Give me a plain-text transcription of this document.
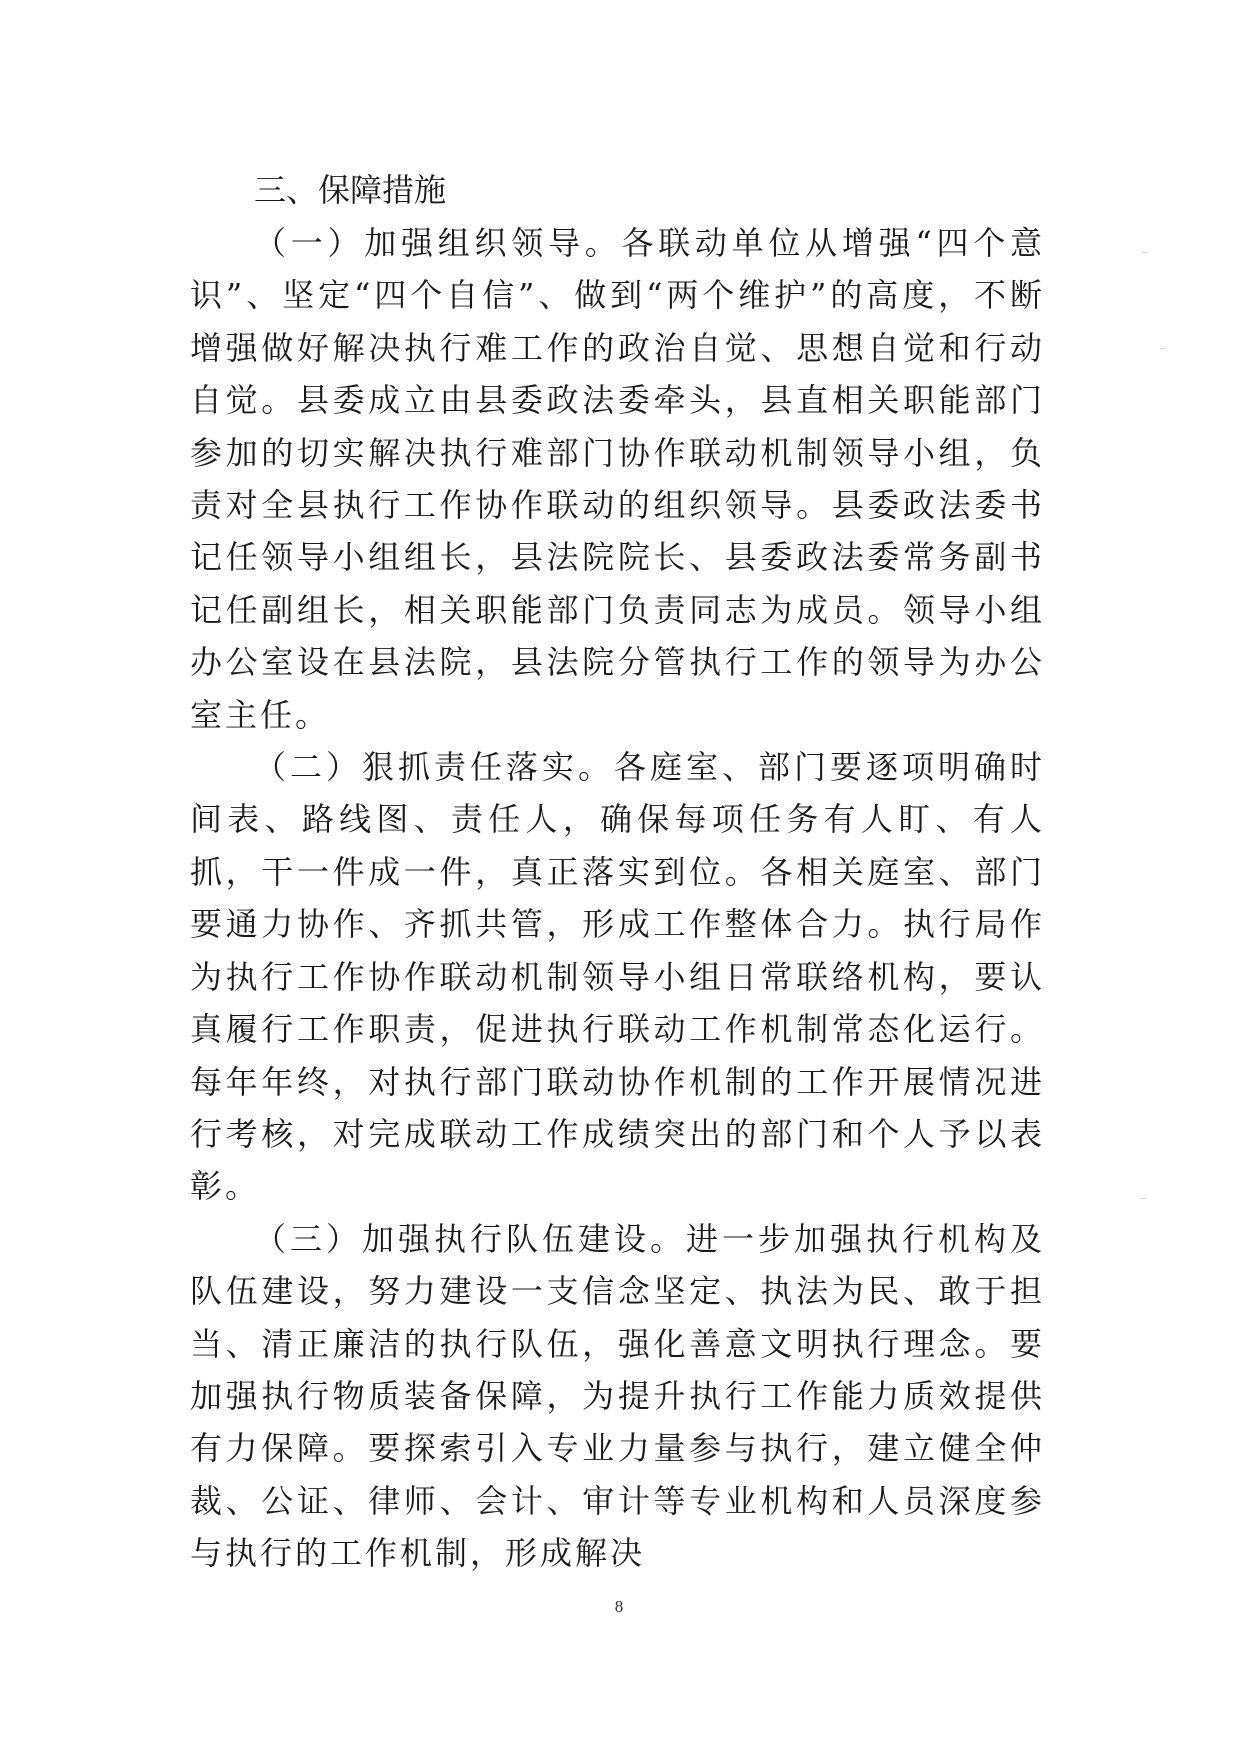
三、保障措施

（一）加强组织领导。各联动单位从增强“四个意识”、坚定“四个自信”、做到“两个维护”的高度，不断增强做好解决执行难工作的政治自觉、思想自觉和行动自觉。县委成立由县委政法委牵头，县直相关职能部门参加的切实解决执行难部门协作联动机制领导小组，负责对全县执行工作协作联动的组织领导。县委政法委书记任领导小组组长，县法院院长、县委政法委常务副书记任副组长，相关职能部门负责同志为成员。领导小组办公室设在县法院，县法院分管执行工作的领导为办公室主任。

（二）狠抓责任落实。各庭室、部门要逐项明确时间表、路线图、责任人，确保每项任务有人盯、有人抓，干一件成一件，真正落实到位。各相关庭室、部门要通力协作、齐抓共管，形成工作整体合力。执行局作为执行工作协作联动机制领导小组日常联络机构，要认真履行工作职责，促进执行联动工作机制常态化运行。每年年终，对执行部门联动协作机制的工作开展情况进行考核，对完成联动工作成绩突出的部门和个人予以表彰。

（三）加强执行队伍建设。进一步加强执行机构及队伍建设，努力建设一支信念坚定、执法为民、敢于担当、清正廉洁的执行队伍，强化善意文明执行理念。要加强执行物质装备保障，为提升执行工作能力质效提供有力保障。要探索引入专业力量参与执行，建立健全仲裁、公证、律师、会计、审计等专业机构和人员深度参与执行的工作机制，形成解决

8
